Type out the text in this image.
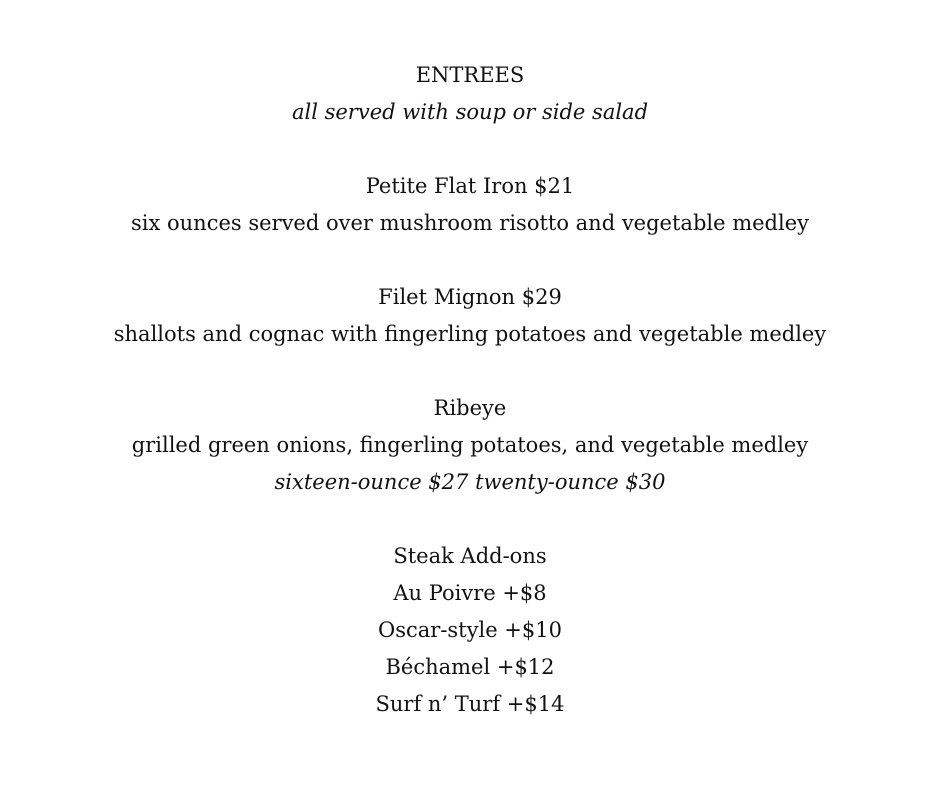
ENTREES
all served with soup or side salad
Petite Flat Iron $21
six ounces served over mushroom risotto and vegetable medley
Filet Mignon $29
shallots and cognac with fingerling potatoes and vegetable medley
Ribeye
grilled green onions, fingerling potatoes, and vegetable medley
sixteen-ounce $27 twenty-ounce $30
Steak Add-ons
Au Poivre +$8
Oscar-style +$10
Béchamel +$12
Surf n’ Turf +$14
